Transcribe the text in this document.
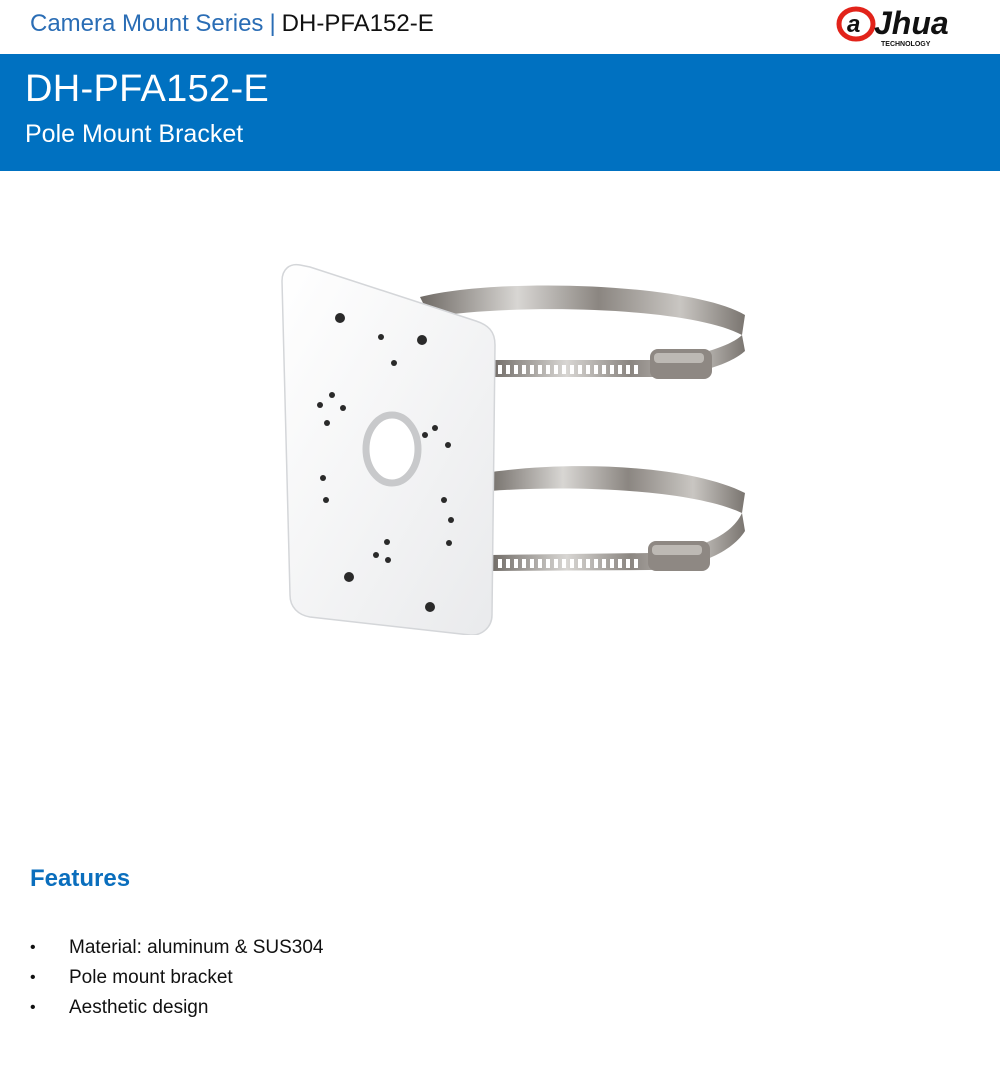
Camera Mount Series | DH-PFA152-E	a Jhua
TECHNOLOGY
DH-PFA152-E
Pole Mount Bracket
Features
• Material: aluminum & SUS304
• Pole mount bracket
• Aesthetic design
